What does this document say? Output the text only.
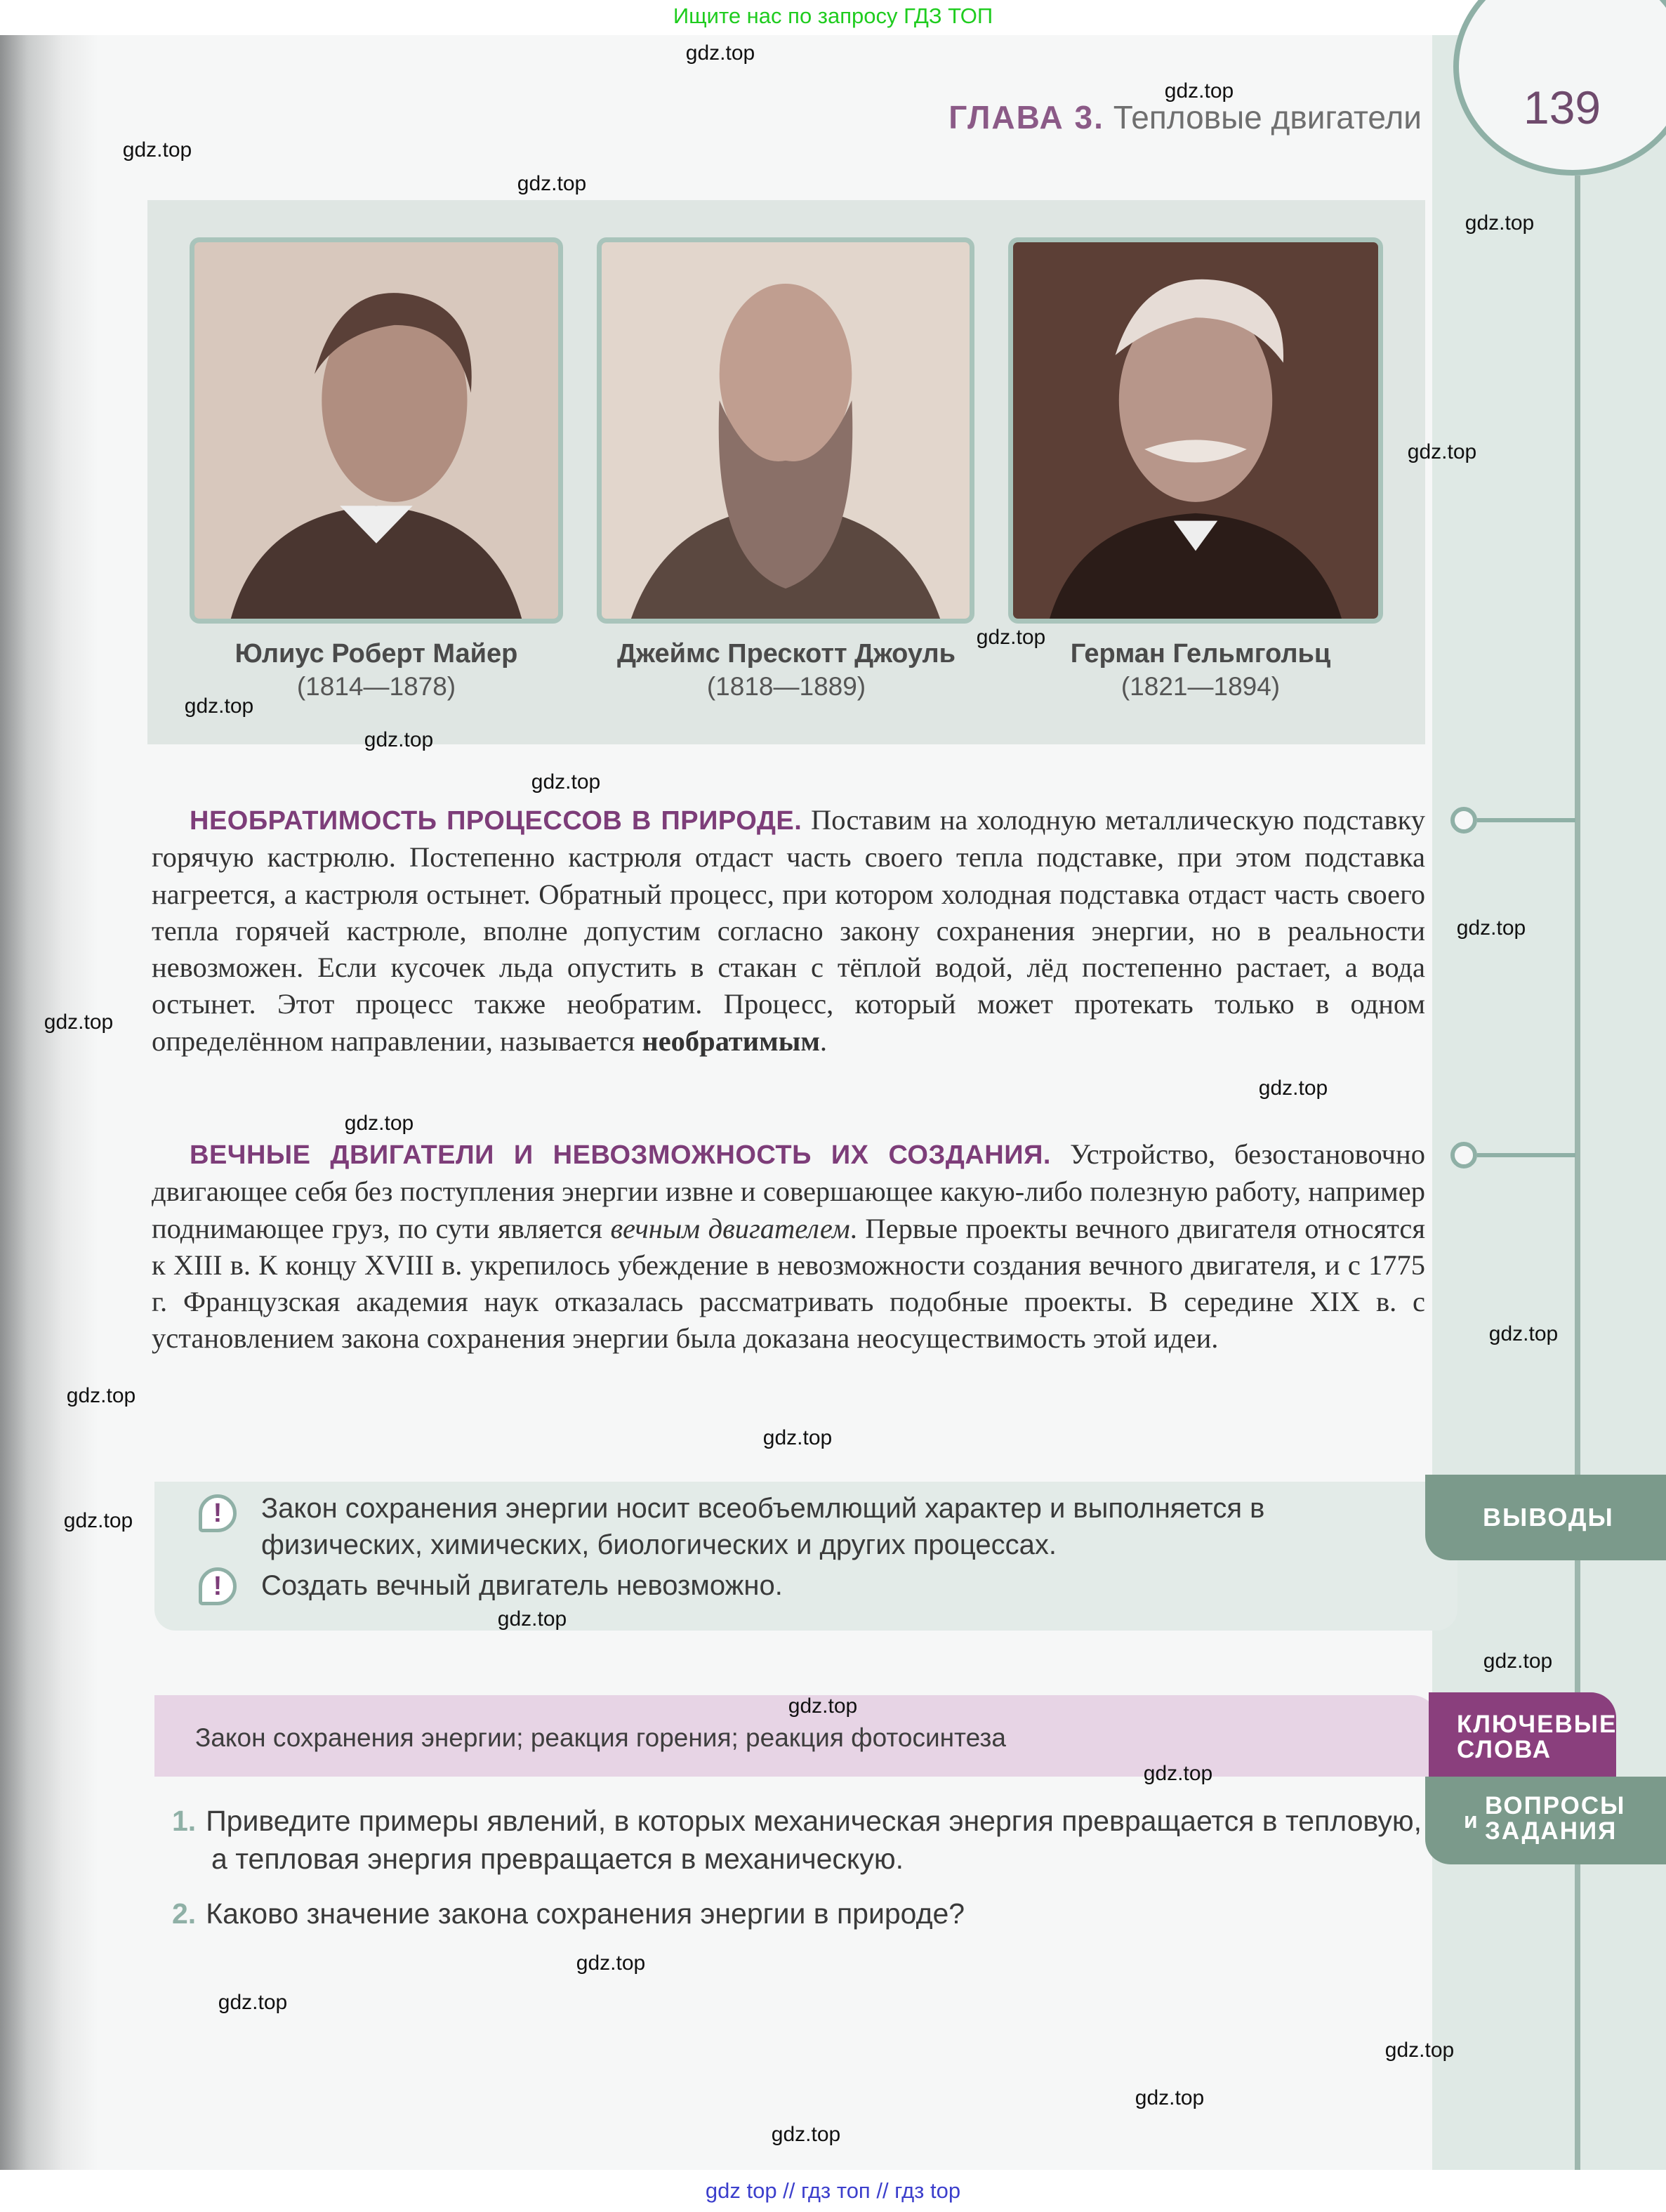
Ищите нас по запросу ГДЗ ТОП
139
ГЛАВА 3. Тепловые двигатели
Юлиус Роберт Майер
(1814—1878)
Джеймс Прескотт Джоуль
(1818—1889)
Герман Гельмгольц
(1821—1894)
НЕОБРАТИМОСТЬ ПРОЦЕССОВ В ПРИРОДЕ. Поставим на холодную металлическую подставку горячую кастрюлю. Постепенно кастрюля отдаст часть своего тепла подставке, при этом подставка нагреется, а кастрюля остынет. Обратный процесс, при котором холодная подставка отдаст часть своего тепла горячей кастрюле, вполне допустим согласно закону сохранения энергии, но в реальности невозможен. Если кусочек льда опустить в стакан с тёплой водой, лёд постепенно растает, а вода остынет. Этот процесс также необратим. Процесс, который может протекать только в одном определённом направлении, называется необратимым.
ВЕЧНЫЕ ДВИГАТЕЛИ И НЕВОЗМОЖНОСТЬ ИХ СОЗДАНИЯ. Устройство, безостановочно двигающее себя без поступления энергии извне и совершающее какую-либо полезную работу, например поднимающее груз, по сути является вечным двигателем. Первые проекты вечного двигателя относятся к XIII в. К концу XVIII в. укрепилось убеждение в невозможности создания вечного двигателя, и с 1775 г. Французская академия наук отказалась рассматривать подобные проекты. В середине XIX в. с установлением закона сохранения энергии была доказана неосуществимость этой идеи.
!	Закон сохранения энергии носит всеобъемлющий характер и выполняется в физических, химических, биологических и других процессах.
!	Создать вечный двигатель невозможно.
ВЫВОДЫ
Закон сохранения энергии; реакция горения; реакция фотосинтеза	КЛЮЧЕВЫЕ
СЛОВА
и
ВОПРОСЫ
ЗАДАНИЯ
1. Приведите примеры явлений, в которых механическая энергия превращается в тепловую, а тепловая энергия превращается в механическую.
2. Каково значение закона сохранения энергии в природе?
gdz top // гдз топ // гдз top
gdz.top
gdz.top
gdz.top
gdz.top
gdz.top
gdz.top
gdz.top
gdz.top
gdz.top
gdz.top
gdz.top
gdz.top
gdz.top
gdz.top
gdz.top
gdz.top
gdz.top
gdz.top
gdz.top
gdz.top
gdz.top
gdz.top
gdz.top
gdz.top
gdz.top
gdz.top
gdz.top
